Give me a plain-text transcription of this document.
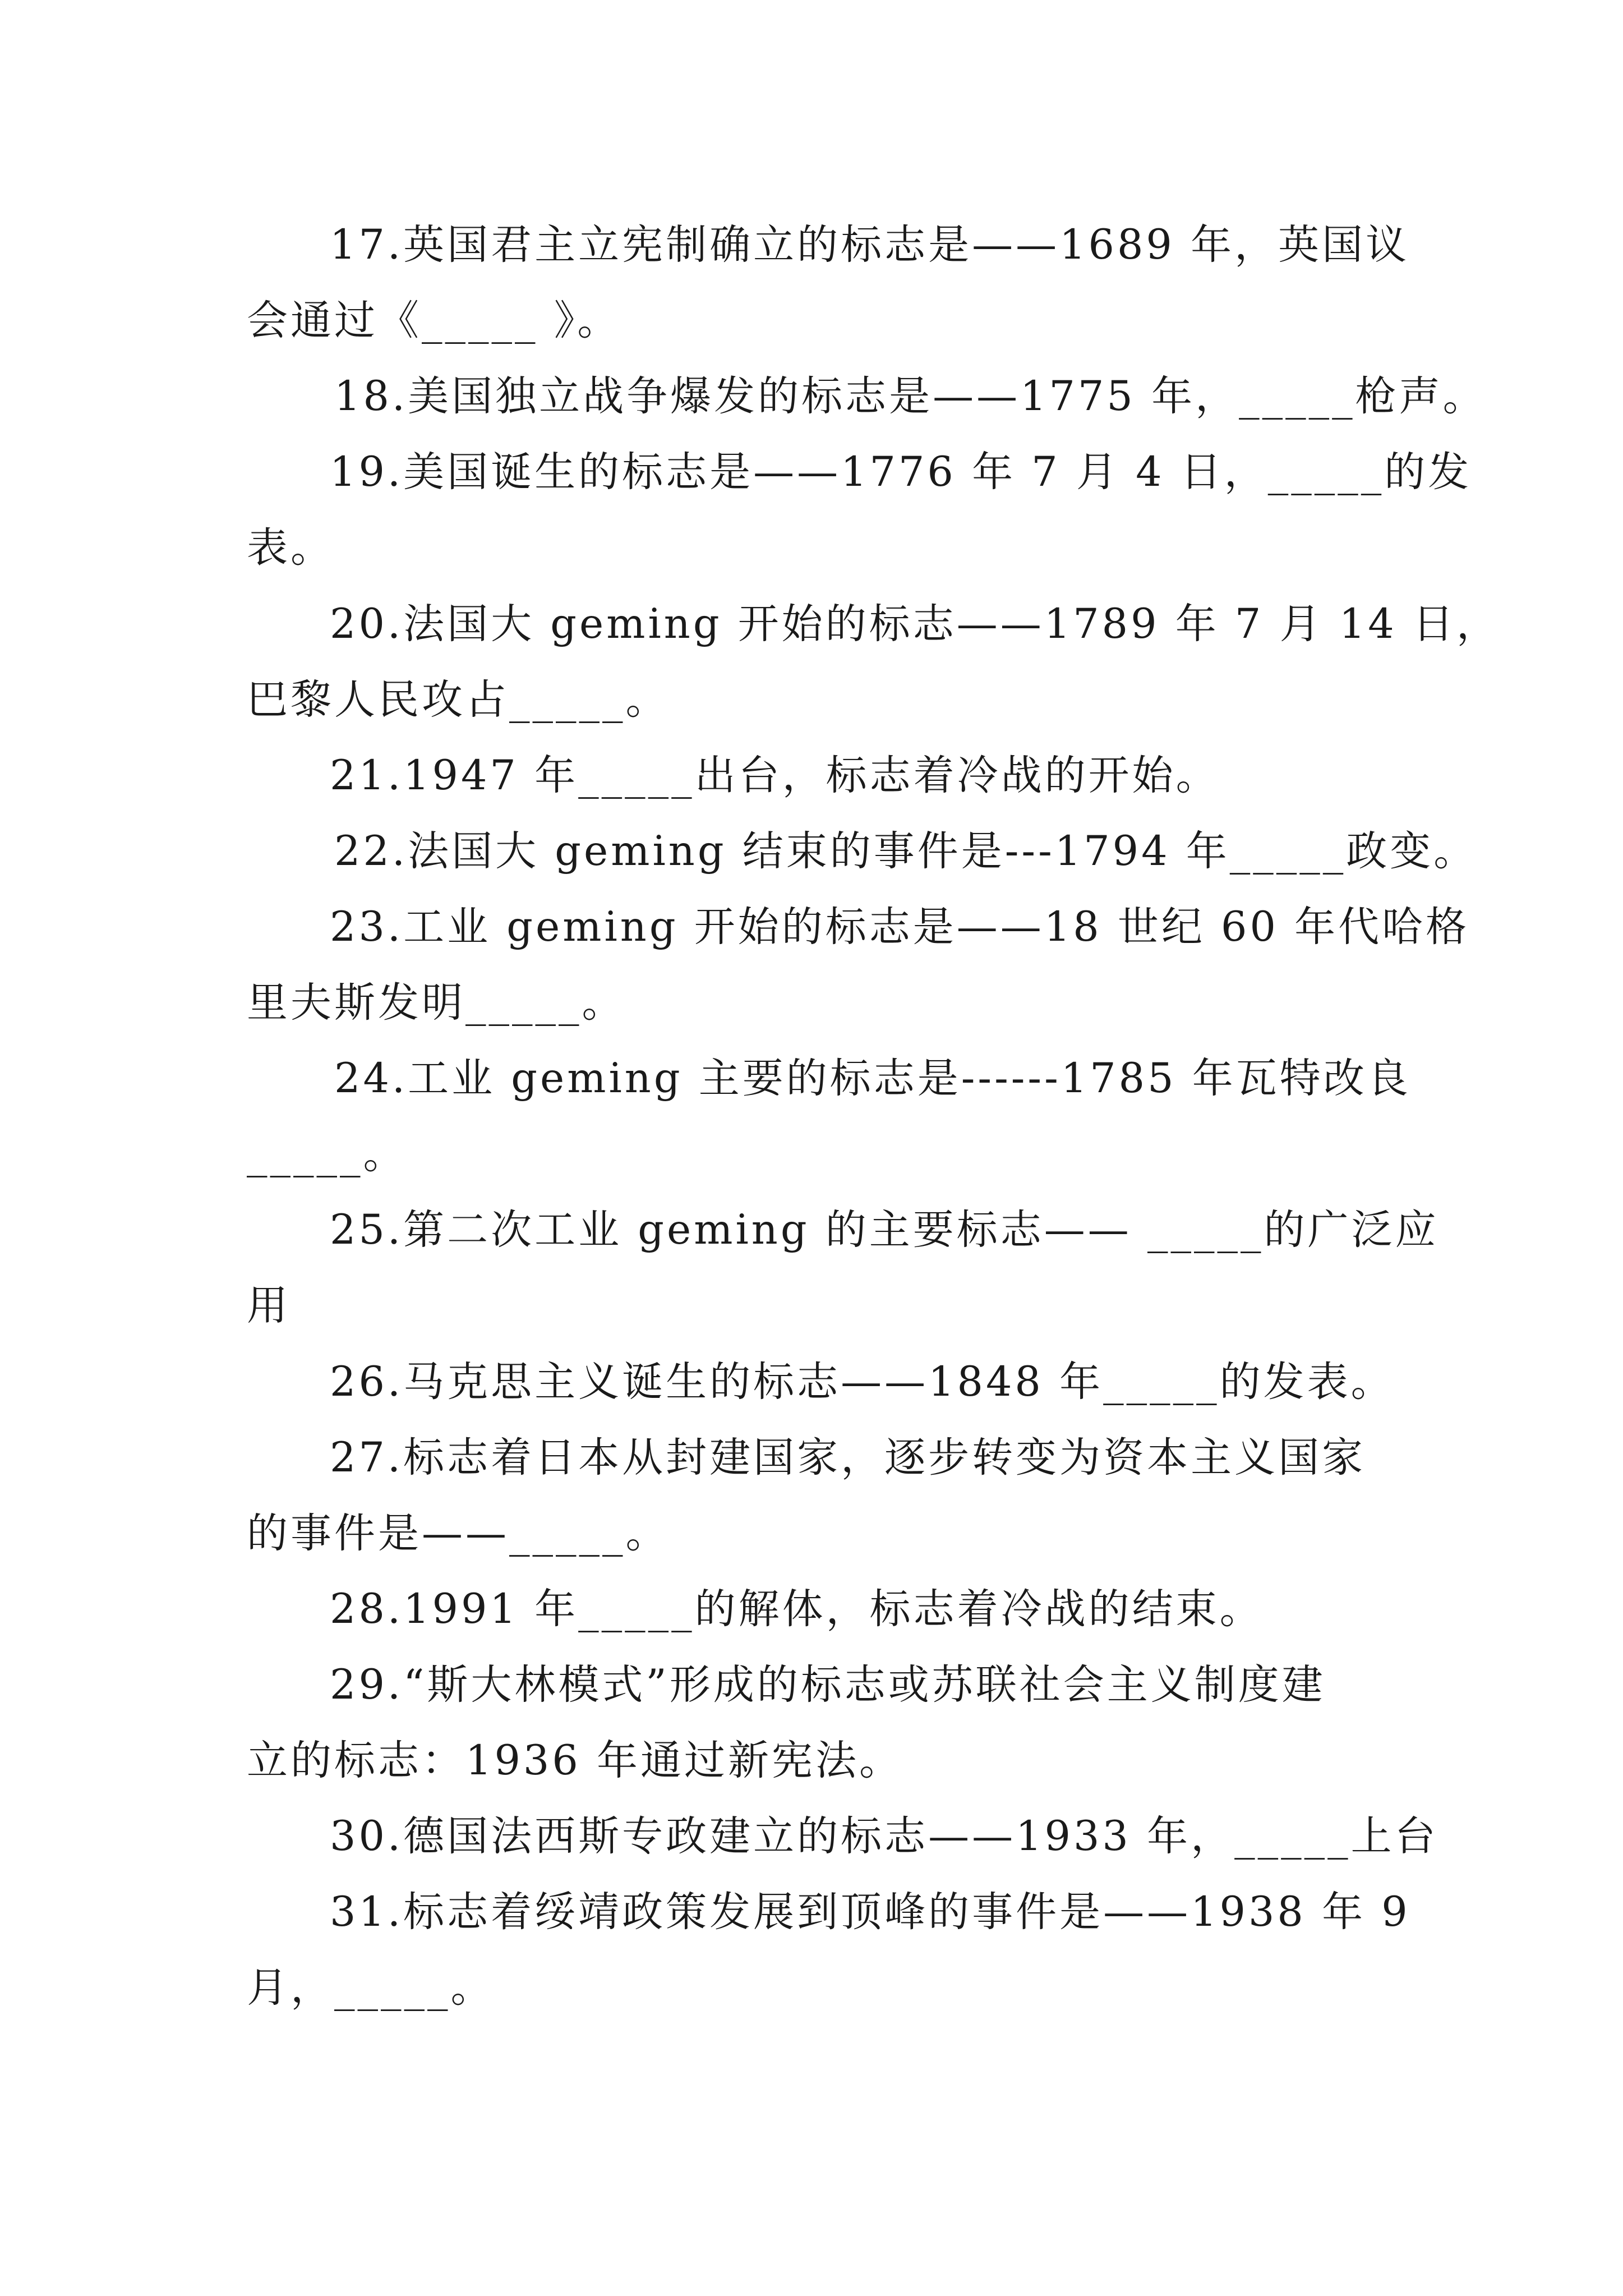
17.英国君主立宪制确立的标志是——1689 年，英国议
会通过《_____ 》。
18.美国独立战争爆发的标志是——1775 年，_____枪声。
19.美国诞生的标志是——1776 年 7 月 4 日，_____的发
表。
20.法国大 geming 开始的标志——1789 年 7 月 14 日，
巴黎人民攻占_____。
21.1947 年_____出台，标志着冷战的开始。
22.法国大 geming 结束的事件是---1794 年_____政变。
23.工业 geming 开始的标志是——18 世纪 60 年代哈格
里夫斯发明_____。
24.工业 geming 主要的标志是------1785 年瓦特改良
_____。
25.第二次工业 geming 的主要标志—— _____的广泛应
用
26.马克思主义诞生的标志——1848 年_____的发表。
27.标志着日本从封建国家，逐步转变为资本主义国家
的事件是——_____。
28.1991 年_____的解体，标志着冷战的结束。
29.“斯大林模式”形成的标志或苏联社会主义制度建
立的标志：1936 年通过新宪法。
30.德国法西斯专政建立的标志——1933 年，_____上台
31.标志着绥靖政策发展到顶峰的事件是——1938 年 9
月，_____。
